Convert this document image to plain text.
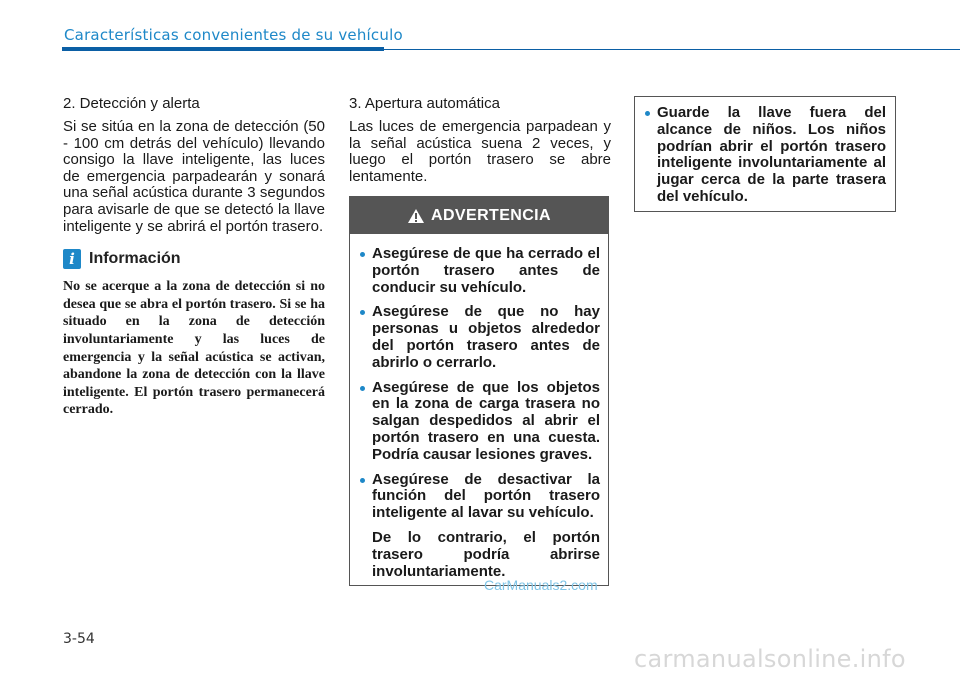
Características convenientes de su vehículo

2. Detección y alerta

Si se sitúa en la zona de detección (50 - 100 cm detrás del vehículo) llevando consigo la llave inteligente, las luces de emergencia parpadearán y sonará una señal acústica durante 3 segundos para avisarle de que se detectó la llave inteligente y se abrirá el portón trasero.

i Información
No se acerque a la zona de detección si no desea que se abra el portón trasero. Si se ha situado en la zona de detección involuntariamente y las luces de emergencia y la señal acústica se activan, abandone la zona de detección con la llave inteligente. El portón trasero permanecerá cerrado.

3. Apertura automática

Las luces de emergencia parpadean y la señal acústica suena 2 veces, y luego el portón trasero se abre lentamente.

ADVERTENCIA
Asegúrese de que ha cerrado el portón trasero antes de conducir su vehículo.
Asegúrese de que no hay personas u objetos alrededor del portón trasero antes de abrirlo o cerrarlo.
Asegúrese de que los objetos en la zona de carga trasera no salgan despedidos al abrir el portón trasero en una cuesta. Podría causar lesiones graves.
Asegúrese de desactivar la función del portón trasero inteligente al lavar su vehículo.
De lo contrario, el portón trasero podría abrirse involuntariamente.
Guarde la llave fuera del alcance de niños. Los niños podrían abrir el portón trasero inteligente involuntariamente al jugar cerca de la parte trasera del vehículo.
CarManuals2.com
3-54
carmanualsonline.info
